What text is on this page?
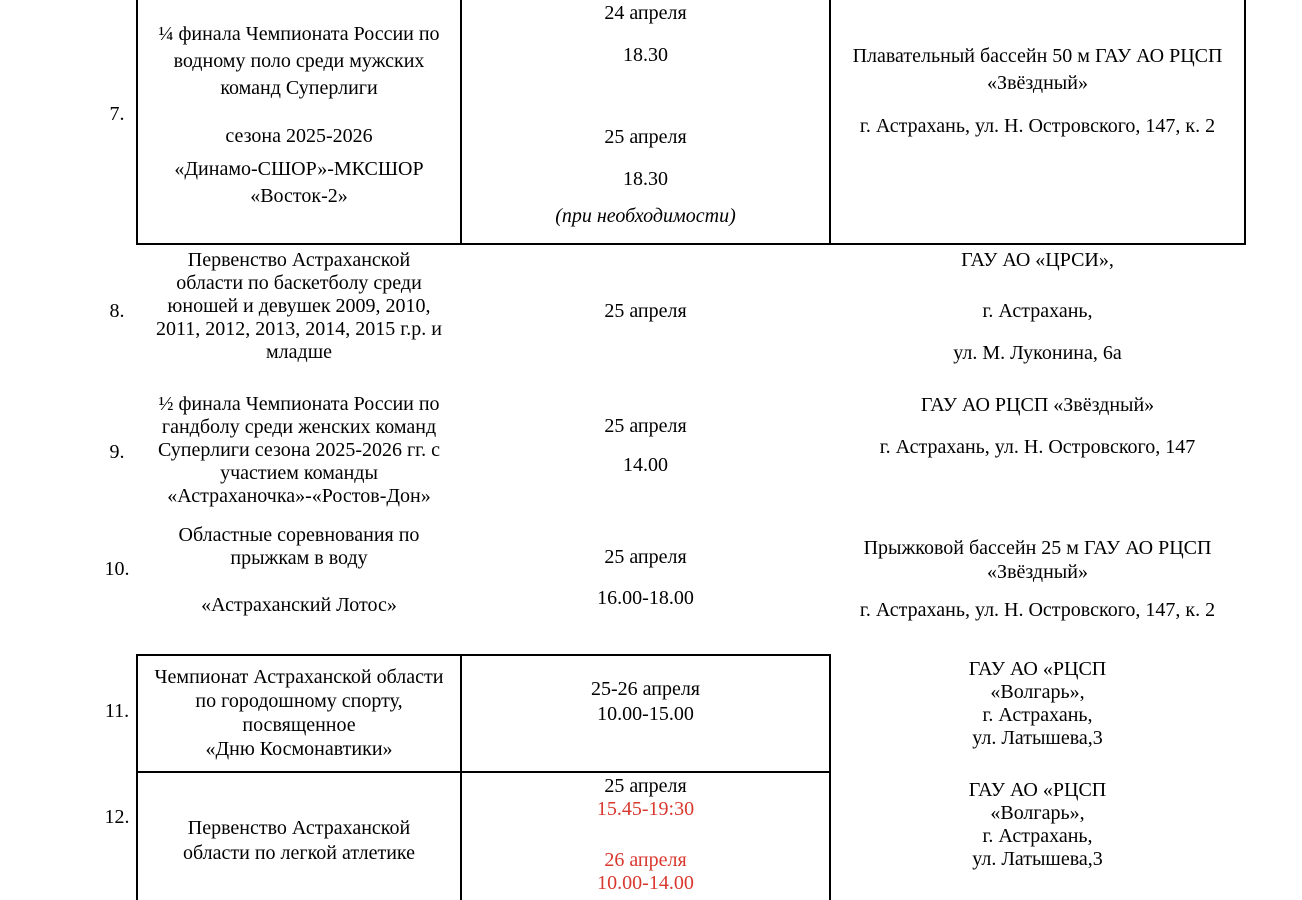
7.
8.
9.
10.
11.
12.
¼ финала Чемпионата России по
водному поло среди мужских
команд Суперлиги
сезона 2025-2026
«Динамо-СШОР»-МКСШОР
«Восток-2»
24 апреля
18.30
25 апреля
18.30
(при необходимости)
Плавательный бассейн 50 м ГАУ АО РЦСП
«Звёздный»
г. Астрахань, ул. Н. Островского, 147, к. 2
Первенство Астраханской
области по баскетболу среди
юношей и девушек 2009, 2010,
2011, 2012, 2013, 2014, 2015 г.р. и
младше
25 апреля
ГАУ АО «ЦРСИ»,
г. Астрахань,
ул. М. Луконина, 6а
½ финала Чемпионата России по
гандболу среди женских команд
Суперлиги сезона 2025-2026 гг. с
участием команды
«Астраханочка»-«Ростов-Дон»
25 апреля
14.00
ГАУ АО РЦСП «Звёздный»
г. Астрахань, ул. Н. Островского, 147
Областные соревнования по
прыжкам в воду
«Астраханский Лотос»
25 апреля
16.00-18.00
Прыжковой бассейн 25 м ГАУ АО РЦСП
«Звёздный»
г. Астрахань, ул. Н. Островского, 147, к. 2
Чемпионат Астраханской области
по городошному спорту,
посвященное
«Дню Космонавтики»
25-26 апреля
10.00-15.00
ГАУ АО «РЦСП
«Волгарь»,
г. Астрахань,
ул. Латышева,3
Первенство Астраханской
области по легкой атлетике
25 апреля
15.45-19:30
26 апреля
10.00-14.00
ГАУ АО «РЦСП
«Волгарь»,
г. Астрахань,
ул. Латышева,3
